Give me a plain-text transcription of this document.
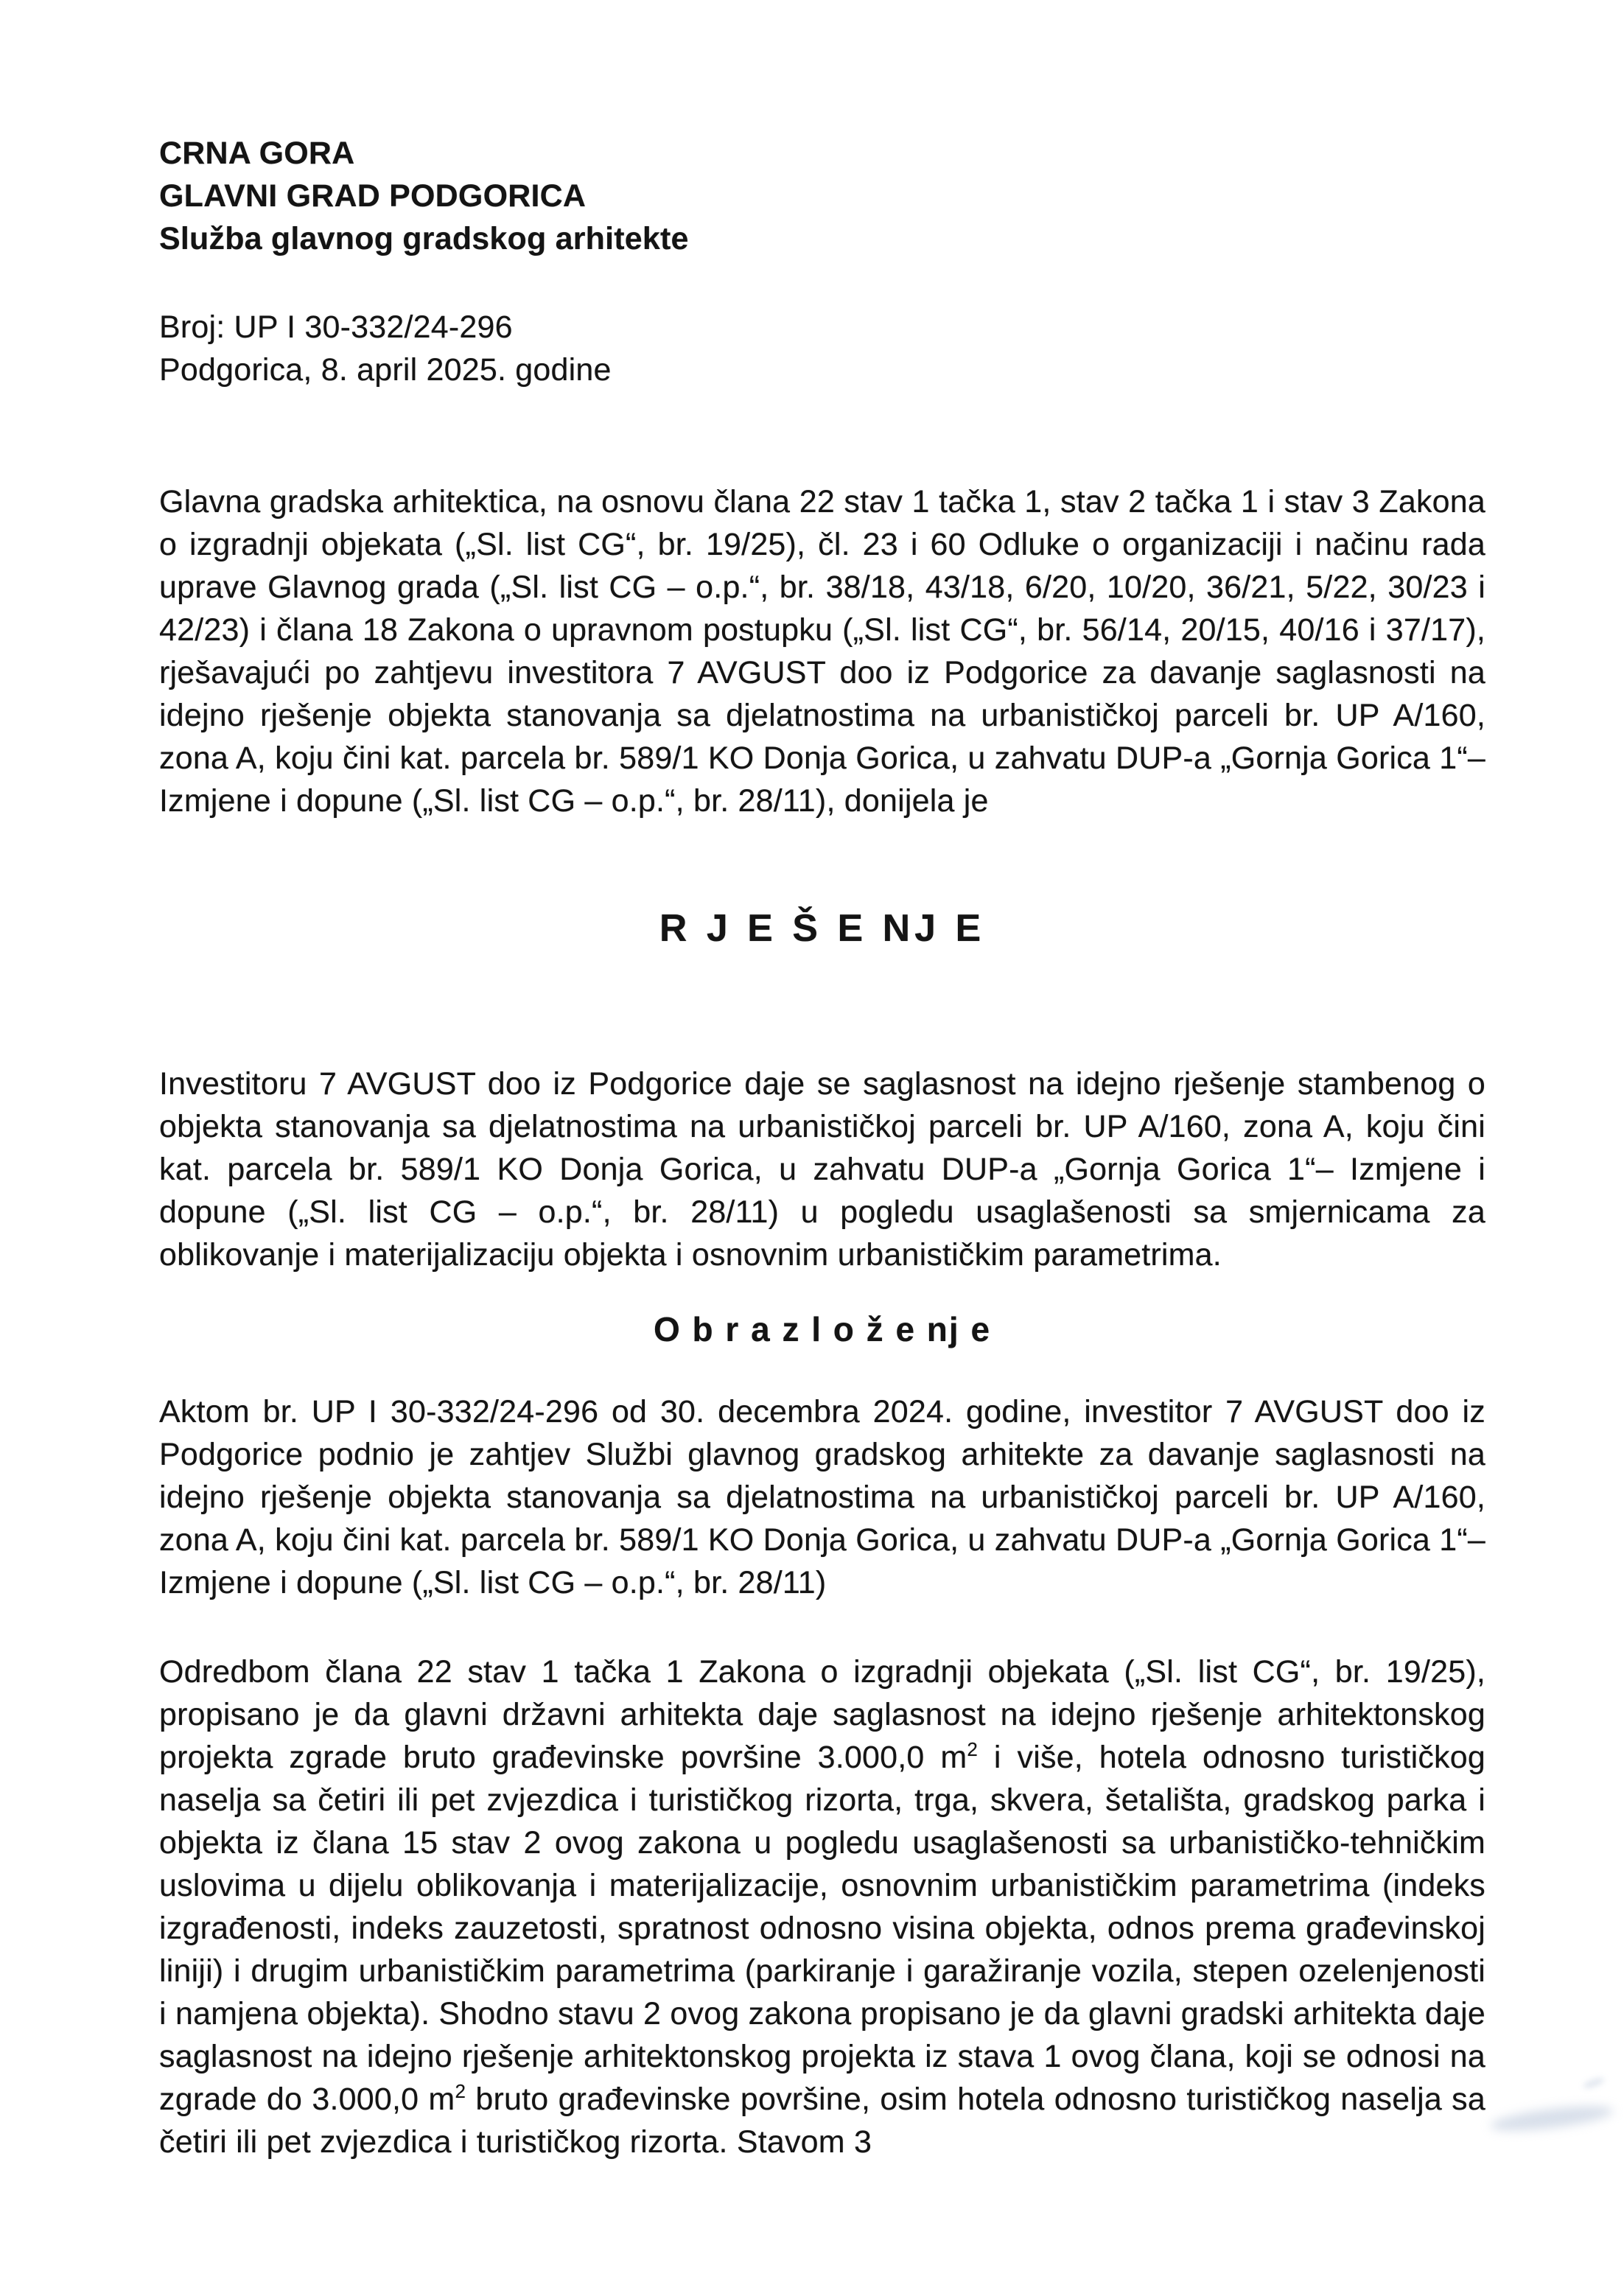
CRNA GORA
GLAVNI GRAD PODGORICA
Služba glavnog gradskog arhitekte
Broj: UP I 30-332/24-296
Podgorica, 8. april 2025. godine
Glavna gradska arhitektica, na osnovu člana 22 stav 1 tačka 1, stav 2 tačka 1 i stav 3 Zakona o izgradnji objekata („Sl. list CG“, br. 19/25), čl. 23 i 60 Odluke o organizaciji i načinu rada uprave Glavnog grada („Sl. list CG – o.p.“, br. 38/18, 43/18, 6/20, 10/20, 36/21, 5/22, 30/23 i 42/23) i člana 18 Zakona o upravnom postupku („Sl. list CG“, br. 56/14, 20/15, 40/16 i 37/17), rješavajući po zahtjevu investitora 7 AVGUST doo iz Podgorice za davanje saglasnosti na idejno rješenje objekta stanovanja sa djelatnostima na urbanističkoj parceli br. UP A/160, zona A, koju čini kat. parcela br. 589/1 KO Donja Gorica, u zahvatu DUP-a „Gornja Gorica 1“– Izmjene i dopune („Sl. list CG – o.p.“, br. 28/11), donijela je
R J E Š E NJ E
Investitoru 7 AVGUST doo iz Podgorice daje se saglasnost na idejno rješenje stambenog o objekta stanovanja sa djelatnostima na urbanističkoj parceli br. UP A/160, zona A, koju čini kat. parcela br. 589/1 KO Donja Gorica, u zahvatu DUP-a „Gornja Gorica 1“– Izmjene i dopune („Sl. list CG – o.p.“, br. 28/11) u pogledu usaglašenosti sa smjernicama za oblikovanje i materijalizaciju objekta i osnovnim urbanističkim parametrima.
O b r a z l o ž e nj e
Aktom br. UP I 30-332/24-296 od 30. decembra 2024. godine, investitor 7 AVGUST doo iz Podgorice podnio je zahtjev Službi glavnog gradskog arhitekte za davanje saglasnosti na idejno rješenje objekta stanovanja sa djelatnostima na urbanističkoj parceli br. UP A/160, zona A, koju čini kat. parcela br. 589/1 KO Donja Gorica, u zahvatu DUP-a „Gornja Gorica 1“– Izmjene i dopune („Sl. list CG – o.p.“, br. 28/11)
Odredbom člana 22 stav 1 tačka 1 Zakona o izgradnji objekata („Sl. list CG“, br. 19/25), propisano je da glavni državni arhitekta daje saglasnost na idejno rješenje arhitektonskog projekta zgrade bruto građevinske površine 3.000,0 $m^2$ i više, hotela odnosno turističkog naselja sa četiri ili pet zvjezdica i turističkog rizorta, trga, skvera, šetališta, gradskog parka i objekta iz člana 15 stav 2 ovog zakona u pogledu usaglašenosti sa urbanističko-tehničkim uslovima u dijelu oblikovanja i materijalizacije, osnovnim urbanističkim parametrima (indeks izgrađenosti, indeks zauzetosti, spratnost odnosno visina objekta, odnos prema građevinskoj liniji) i drugim urbanističkim parametrima (parkiranje i garažiranje vozila, stepen ozelenjenosti i namjena objekta). Shodno stavu 2 ovog zakona propisano je da glavni gradski arhitekta daje saglasnost na idejno rješenje arhitektonskog projekta iz stava 1 ovog člana, koji se odnosi na zgrade do 3.000,0 $m^2$ bruto građevinske površine, osim hotela odnosno turističkog naselja sa četiri ili pet zvjezdica i turističkog rizorta. Stavom 3
